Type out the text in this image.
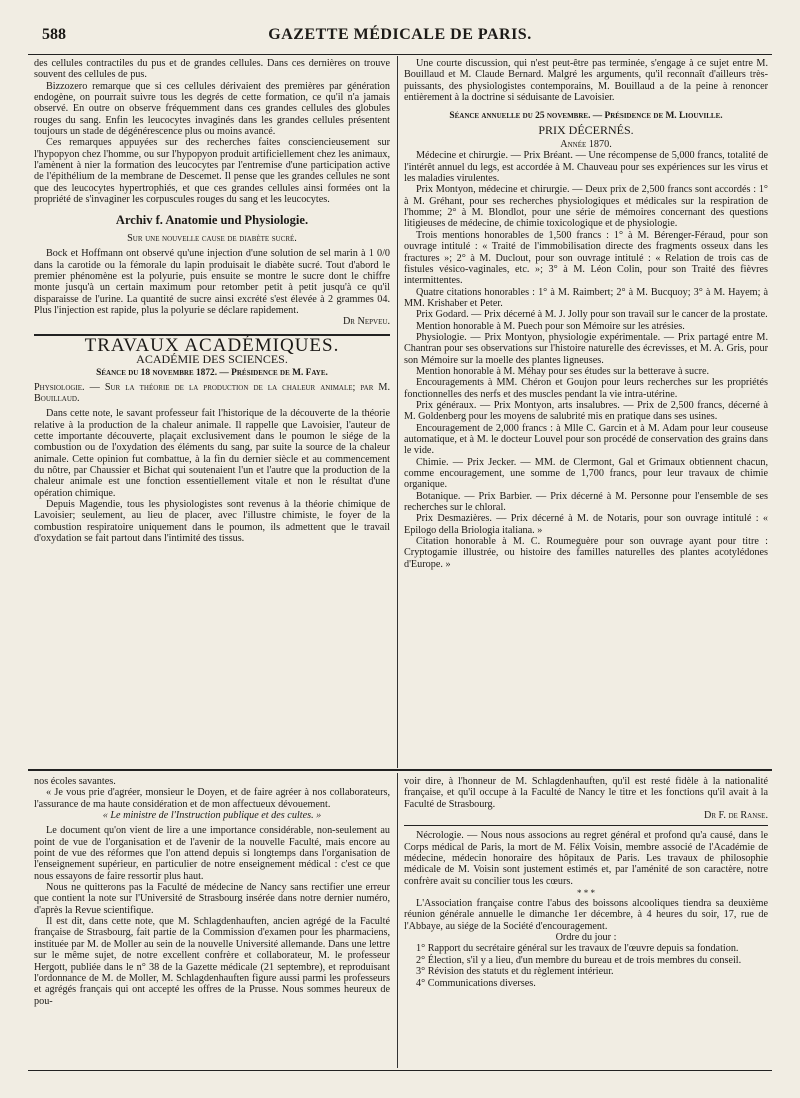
588	GAZETTE MÉDICALE DE PARIS.

des cellules contractiles du pus et de grandes cellules. Dans ces dernières on trouve souvent des cellules de pus.

Bizzozero remarque que si ces cellules dérivaient des premières par génération endogène, on pourrait suivre tous les degrés de cette formation, ce qu'il n'a jamais observé. En outre on observe fréquemment dans ces grandes cellules des globules rouges du sang. Enfin les leucocytes invaginés dans les grandes cellules présentent toujours un stade de dégénérescence plus ou moins avancé.

Ces remarques appuyées sur des recherches faites consciencieusement sur l'hypopyon chez l'homme, ou sur l'hypopyon produit artificiellement chez les animaux, l'amènent à nier la formation des leucocytes par l'entremise d'une participation active de l'épithélium de la membrane de Descemet. Il pense que les grandes cellules ne sont que des leucocytes hypertrophiés, et que ces grandes cellules ainsi formées ont la propriété de s'invaginer les corpuscules rouges du sang et les leucocytes.

Archiv f. Anatomie und Physiologie.

Sur une nouvelle cause de diabète sucré.

Bock et Hoffmann ont observé qu'une injection d'une solution de sel marin à 1 0/0 dans la carotide ou la fémorale du lapin produisait le diabète sucré. Tout d'abord le premier phénomène est la polyurie, puis ensuite se montre le sucre dont le chiffre monte jusqu'à un certain maximum pour retomber petit à petit jusqu'à ce qu'il disparaisse de l'urine. La quantité de sucre ainsi excrété s'est élevée à 2 grammes 04. Plus l'injection est rapide, plus la polyurie se déclare rapidement.

Dr Nepveu.

TRAVAUX ACADÉMIQUES.
ACADÉMIE DES SCIENCES.
Séance du 18 novembre 1872. — Présidence de M. Faye.

Physiologie. — Sur la théorie de la production de la chaleur animale; par M. Bouillaud.

Dans cette note, le savant professeur fait l'historique de la découverte de la théorie relative à la production de la chaleur animale. Il rappelle que Lavoisier, l'auteur de cette importante découverte, plaçait exclusivement dans le poumon le siége de la combustion ou de l'oxydation des éléments du sang, par suite la source de la chaleur animale. Cette opinion fut combattue, à la fin du dernier siècle et au commencement du nôtre, par Chaussier et Bichat qui soutenaient l'un et l'autre que la production de la chaleur animale est une fonction essentiellement vitale et non le résultat d'une opération chimique.

Depuis Magendie, tous les physiologistes sont revenus à la théorie chimique de Lavoisier; seulement, au lieu de placer, avec l'illustre chimiste, le foyer de la combustion respiratoire uniquement dans le poumon, ils admettent que le travail d'oxydation se fait partout dans l'intimité des tissus.

Une courte discussion, qui n'est peut-être pas terminée, s'engage à ce sujet entre M. Bouillaud et M. Claude Bernard. Malgré les arguments, qu'il reconnaît d'ailleurs très-puissants, des physiologistes contemporains, M. Bouillaud a de la peine à renoncer entièrement à la doctrine si séduisante de Lavoisier.

Séance annuelle du 25 novembre. — Présidence de M. Liouville.
PRIX DÉCERNÉS.

Année 1870.

Médecine et chirurgie. — Prix Bréant. — Une récompense de 5,000 francs, totalité de l'intérêt annuel du legs, est accordée à M. Chauveau pour ses expériences sur les virus et les maladies virulentes.

Prix Montyon, médecine et chirurgie. — Deux prix de 2,500 francs sont accordés : 1° à M. Gréhant, pour ses recherches physiologiques et médicales sur la respiration de l'homme; 2° à M. Blondlot, pour une série de mémoires concernant des questions litigieuses de médecine, de chimie toxicologique et de physiologie.

Trois mentions honorables de 1,500 francs : 1° à M. Bérenger-Féraud, pour son ouvrage intitulé : « Traité de l'immobilisation directe des fragments osseux dans les fractures »; 2° à M. Duclout, pour son ouvrage intitulé : « Relation de trois cas de fistules vésico-vaginales, etc. »; 3° à M. Léon Colin, pour son Traité des fièvres intermittentes.

Quatre citations honorables : 1° à M. Raimbert; 2° à M. Bucquoy; 3° à M. Hayem; à MM. Krishaber et Peter.

Prix Godard. — Prix décerné à M. J. Jolly pour son travail sur le cancer de la prostate.

Mention honorable à M. Puech pour son Mémoire sur les atrésies.

Physiologie. — Prix Montyon, physiologie expérimentale. — Prix partagé entre M. Chantran pour ses observations sur l'histoire naturelle des écrevisses, et M. A. Gris, pour son Mémoire sur la moelle des plantes ligneuses.

Mention honorable à M. Méhay pour ses études sur la betterave à sucre.

Encouragements à MM. Chéron et Goujon pour leurs recherches sur les propriétés fonctionnelles des nerfs et des muscles pendant la vie intra-utérine.

Prix généraux. — Prix Montyon, arts insalubres. — Prix de 2,500 francs, décerné à M. Goldenberg pour les moyens de salubrité mis en pratique dans ses usines.

Encouragement de 2,000 francs : à Mlle C. Garcin et à M. Adam pour leur couseuse automatique, et à M. le docteur Louvel pour son procédé de conservation des grains dans le vide.

Chimie. — Prix Jecker. — MM. de Clermont, Gal et Grimaux obtiennent chacun, comme encouragement, une somme de 1,700 francs, pour leur travaux de chimie organique.

Botanique. — Prix Barbier. — Prix décerné à M. Personne pour l'ensemble de ses recherches sur le chloral.

Prix Desmazières. — Prix décerné à M. de Notaris, pour son ouvrage intitulé : « Epilogo della Briologia italiana. »

Citation honorable à M. C. Roumeguère pour son ouvrage ayant pour titre : Cryptogamie illustrée, ou histoire des familles naturelles des plantes acotylédones d'Europe. »

nos écoles savantes.

« Je vous prie d'agréer, monsieur le Doyen, et de faire agréer à nos collaborateurs, l'assurance de ma haute considération et de mon affectueux dévouement.

« Le ministre de l'Instruction publique et des cultes. »

Le document qu'on vient de lire a une importance considérable, non-seulement au point de vue de l'organisation et de l'avenir de la nouvelle Faculté, mais encore au point de vue des réformes que l'on attend depuis si longtemps dans l'organisation de l'enseignement supérieur, en particulier de notre enseignement médical : c'est ce que nous essayons de faire ressortir plus haut.

Nous ne quitterons pas la Faculté de médecine de Nancy sans rectifier une erreur que contient la note sur l'Université de Strasbourg insérée dans notre dernier numéro, d'après la Revue scientifique.

Il est dit, dans cette note, que M. Schlagdenhauften, ancien agrégé de la Faculté française de Strasbourg, fait partie de la Commission d'examen pour les pharmaciens, instituée par M. de Moller au sein de la nouvelle Université allemande. Dans une lettre sur le même sujet, de notre excellent confrère et collaborateur, M. le professeur Hergott, publiée dans le n° 38 de la Gazette médicale (21 septembre), et reproduisant l'ordonnance de M. de Moller, M. Schlagdenhauften figure aussi parmi les professeurs et agrégés français qui ont accepté les offres de la Prusse. Nous sommes heureux de pou-

voir dire, à l'honneur de M. Schlagdenhauften, qu'il est resté fidèle à la nationalité française, et qu'il occupe à la Faculté de Nancy le titre et les fonctions qu'il avait à la Faculté de Strasbourg.

Dr F. de Ranse.

Nécrologie. — Nous nous associons au regret général et profond qu'a causé, dans le Corps médical de Paris, la mort de M. Félix Voisin, membre associé de l'Académie de médecine, médecin honoraire des hôpitaux de Paris. Les travaux de philosophie médicale de M. Voisin sont justement estimés et, par l'aménité de son caractère, notre confrère avait su concilier tous les cœurs.

* * *

L'Association française contre l'abus des boissons alcooliques tiendra sa deuxième réunion générale annuelle le dimanche 1er décembre, à 4 heures du soir, 17, rue de l'Abbaye, au siége de la Société d'encouragement.

Ordre du jour :

1° Rapport du secrétaire général sur les travaux de l'œuvre depuis sa fondation.

2° Élection, s'il y a lieu, d'un membre du bureau et de trois membres du conseil.

3° Révision des statuts et du règlement intérieur.

4° Communications diverses.
